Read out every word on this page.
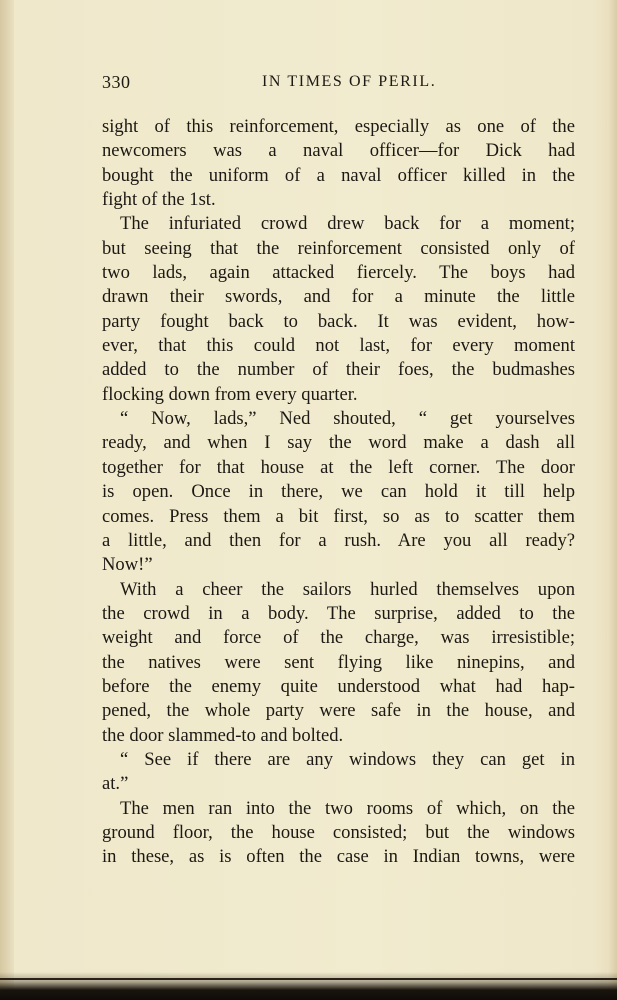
330	IN TIMES OF PERIL.
sight of this reinforcement, especially as one of the
newcomers was a naval officer—for Dick had
bought the uniform of a naval officer killed in the
fight of the 1st.
The infuriated crowd drew back for a moment;
but seeing that the reinforcement consisted only of
two lads, again attacked fiercely. The boys had
drawn their swords, and for a minute the little
party fought back to back. It was evident, how-
ever, that this could not last, for every moment
added to the number of their foes, the budmashes
flocking down from every quarter.
“ Now, lads,” Ned shouted, “ get yourselves
ready, and when I say the word make a dash all
together for that house at the left corner. The door
is open. Once in there, we can hold it till help
comes. Press them a bit first, so as to scatter them
a little, and then for a rush. Are you all ready?
Now!”
With a cheer the sailors hurled themselves upon
the crowd in a body. The surprise, added to the
weight and force of the charge, was irresistible;
the natives were sent flying like ninepins, and
before the enemy quite understood what had hap-
pened, the whole party were safe in the house, and
the door slammed-to and bolted.
“ See if there are any windows they can get in
at.”
The men ran into the two rooms of which, on the
ground floor, the house consisted; but the windows
in these, as is often the case in Indian towns, were
